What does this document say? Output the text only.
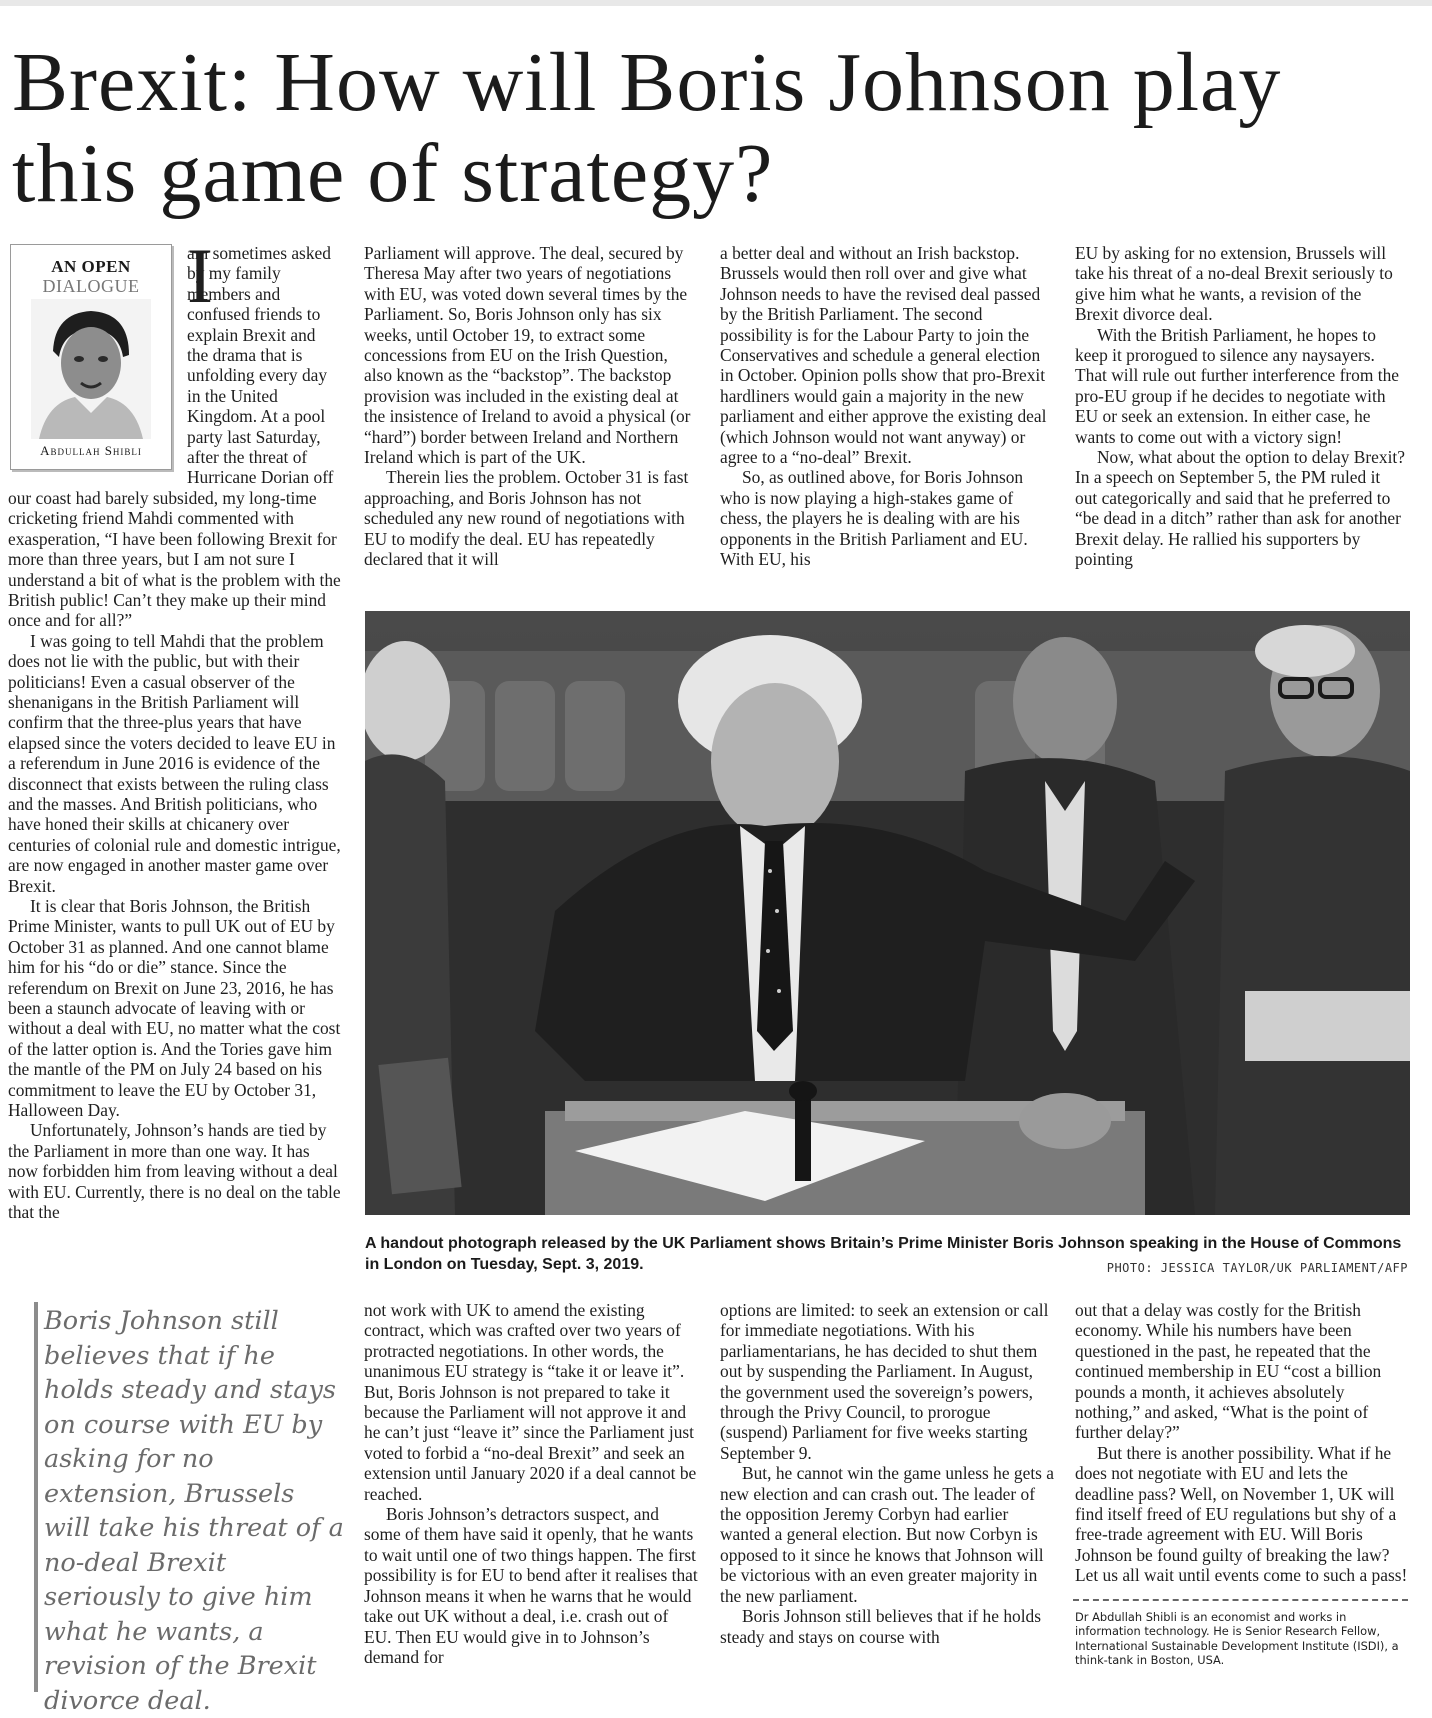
Brexit: How will Boris Johnson play this game of strategy?
AN OPEN
DIALOGUE
Abdullah Shibli
I

am sometimes asked by my family members and confused friends to explain Brexit and the drama that is unfolding every day in the United Kingdom. At a pool party last Saturday, after the threat of Hurricane Dorian off our coast had barely subsided, my long-time cricketing friend Mahdi commented with exasperation, “I have been following Brexit for more than three years, but I am not sure I understand a bit of what is the problem with the British public! Can’t they make up their mind once and for all?”

I was going to tell Mahdi that the problem does not lie with the public, but with their politicians! Even a casual observer of the shenanigans in the British Parliament will confirm that the three-plus years that have elapsed since the voters decided to leave EU in a referendum in June 2016 is evidence of the disconnect that exists between the ruling class and the masses. And British politicians, who have honed their skills at chicanery over centuries of colonial rule and domestic intrigue, are now engaged in another master game over Brexit.

It is clear that Boris Johnson, the British Prime Minister, wants to pull UK out of EU by October 31 as planned. And one cannot blame him for his “do or die” stance. Since the referendum on Brexit on June 23, 2016, he has been a staunch advocate of leaving with or without a deal with EU, no matter what the cost of the latter option is. And the Tories gave him the mantle of the PM on July 24 based on his commitment to leave the EU by October 31, Halloween Day.

Unfortunately, Johnson’s hands are tied by the Parliament in more than one way. It has now forbidden him from leaving without a deal with EU. Currently, there is no deal on the table that the

Parliament will approve. The deal, secured by Theresa May after two years of negotiations with EU, was voted down several times by the Parliament. So, Boris Johnson only has six weeks, until October 19, to extract some concessions from EU on the Irish Question, also known as the “backstop”. The backstop provision was included in the existing deal at the insistence of Ireland to avoid a physical (or “hard”) border between Ireland and Northern Ireland which is part of the UK.

Therein lies the problem. October 31 is fast approaching, and Boris Johnson has not scheduled any new round of negotiations with EU to modify the deal. EU has repeatedly declared that it will

a better deal and without an Irish backstop. Brussels would then roll over and give what Johnson needs to have the revised deal passed by the British Parliament. The second possibility is for the Labour Party to join the Conservatives and schedule a general election in October. Opinion polls show that pro-Brexit hardliners would gain a majority in the new parliament and either approve the existing deal (which Johnson would not want anyway) or agree to a “no-deal” Brexit.

So, as outlined above, for Boris Johnson who is now playing a high-stakes game of chess, the players he is dealing with are his opponents in the British Parliament and EU. With EU, his

EU by asking for no extension, Brussels will take his threat of a no-deal Brexit seriously to give him what he wants, a revision of the Brexit divorce deal.

With the British Parliament, he hopes to keep it prorogued to silence any naysayers. That will rule out further interference from the pro-EU group if he decides to negotiate with EU or seek an extension. In either case, he wants to come out with a victory sign!

Now, what about the option to delay Brexit? In a speech on September 5, the PM ruled it out categorically and said that he preferred to “be dead in a ditch” rather than ask for another Brexit delay. He rallied his supporters by pointing

A handout photograph released by the UK Parliament shows Britain’s Prime Minister Boris Johnson speaking in the House of Commons in London on Tuesday, Sept. 3, 2019.	PHOTO: JESSICA TAYLOR/UK PARLIAMENT/AFP
Boris Johnson still believes that if he holds steady and stays on course with EU by asking for no extension, Brussels will take his threat of a no-deal Brexit seriously to give him what he wants, a revision of the Brexit divorce deal.

not work with UK to amend the existing contract, which was crafted over two years of protracted negotiations. In other words, the unanimous EU strategy is “take it or leave it”. But, Boris Johnson is not prepared to take it because the Parliament will not approve it and he can’t just “leave it” since the Parliament just voted to forbid a “no-deal Brexit” and seek an extension until January 2020 if a deal cannot be reached.

Boris Johnson’s detractors suspect, and some of them have said it openly, that he wants to wait until one of two things happen. The first possibility is for EU to bend after it realises that Johnson means it when he warns that he would take out UK without a deal, i.e. crash out of EU. Then EU would give in to Johnson’s demand for

options are limited: to seek an extension or call for immediate negotiations. With his parliamentarians, he has decided to shut them out by suspending the Parliament. In August, the government used the sovereign’s powers, through the Privy Council, to prorogue (suspend) Parliament for five weeks starting September 9.

But, he cannot win the game unless he gets a new election and can crash out. The leader of the opposition Jeremy Corbyn had earlier wanted a general election. But now Corbyn is opposed to it since he knows that Johnson will be victorious with an even greater majority in the new parliament.

Boris Johnson still believes that if he holds steady and stays on course with

out that a delay was costly for the British economy. While his numbers have been questioned in the past, he repeated that the continued membership in EU “cost a billion pounds a month, it achieves absolutely nothing,” and asked, “What is the point of further delay?”

But there is another possibility. What if he does not negotiate with EU and lets the deadline pass? Well, on November 1, UK will find itself freed of EU regulations but shy of a free-trade agreement with EU. Will Boris Johnson be found guilty of breaking the law? Let us all wait until events come to such a pass!

Dr Abdullah Shibli is an economist and works in information technology. He is Senior Research Fellow, International Sustainable Development Institute (ISDI), a think-tank in Boston, USA.
